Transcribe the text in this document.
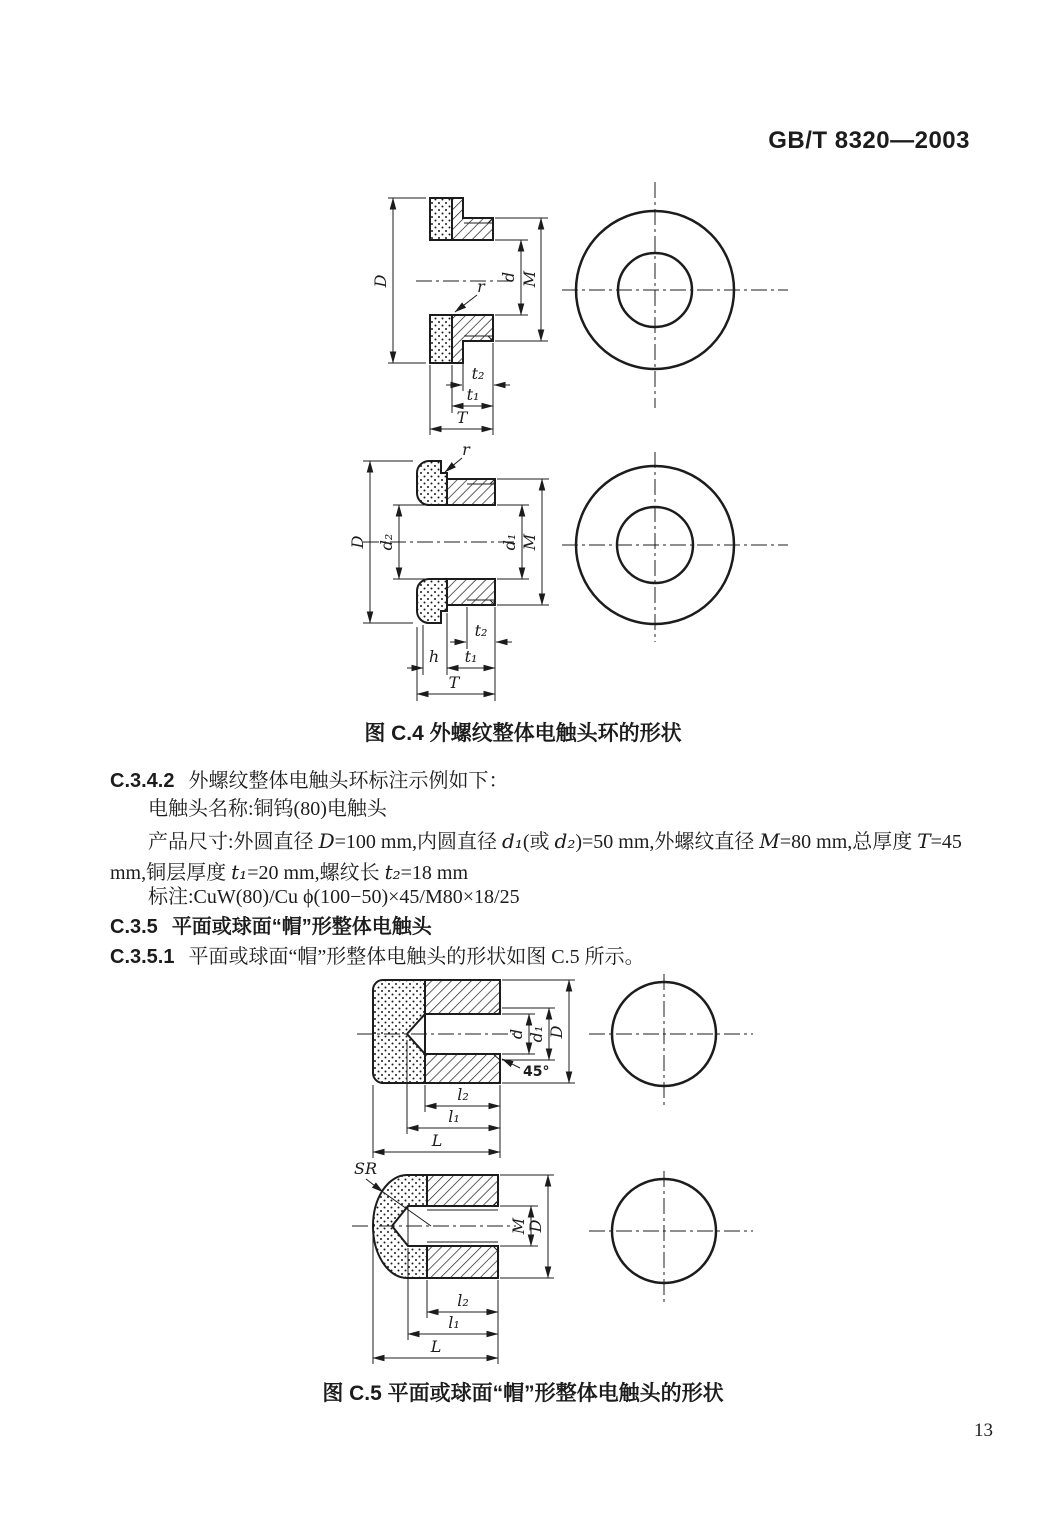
GB/T 8320—2003
D	d M
r
t₂
t₁
T
r
D d₂	d₁ M
t₂
h t₁
T
图 C.4 外螺纹整体电触头环的形状

C.3.4.2 外螺纹整体电触头环标注示例如下：

电触头名称:铜钨(80)电触头

产品尺寸:外圆直径 D=100 mm,内圆直径 d₁(或 d₂)=50 mm,外螺纹直径 M=80 mm,总厚度 T=45 mm,铜层厚度 t₁=20 mm,螺纹长 t₂=18 mm

标注:CuW(80)/Cu ϕ(100−50)×45/M80×18/25

C.3.5 平面或球面“帽”形整体电触头

C.3.5.1 平面或球面“帽”形整体电触头的形状如图 C.5 所示。

d d₁ D
45°
l₂
l₁
L
SR
M
D
l₂
l₁
L
图 C.5 平面或球面“帽”形整体电触头的形状
13
